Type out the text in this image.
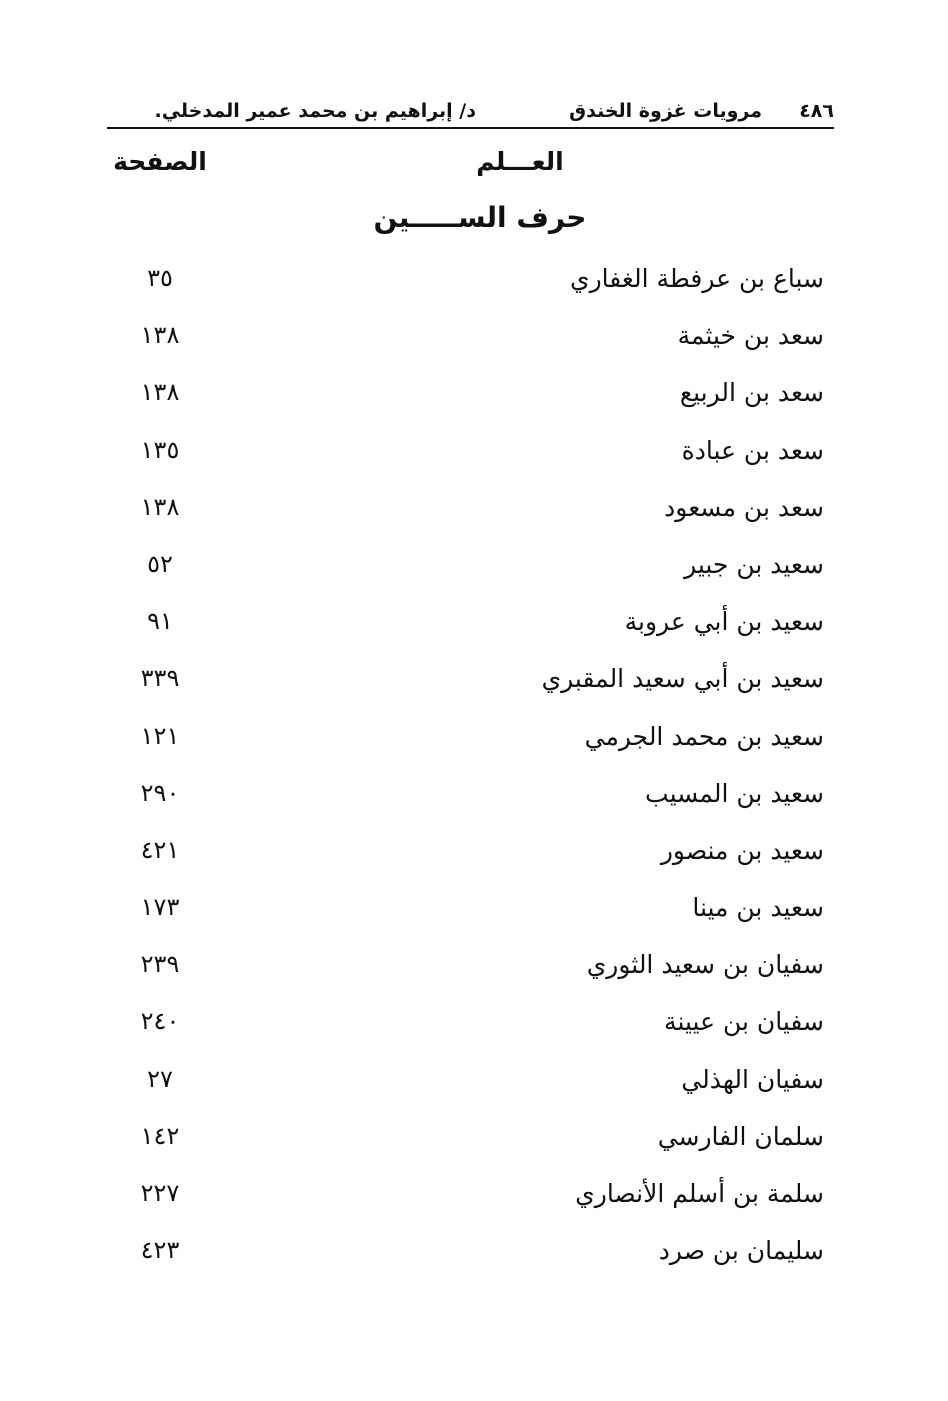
٤٨٦
مرويات غزوة الخندق
د/ إبراهيم بن محمد عمير المدخلي.
العـــلم
الصفحة
حرف الســـــين
سباع بن عرفطة الغفاري
٣٥
سعد بن خيثمة
١٣٨
سعد بن الربيع
١٣٨
سعد بن عبادة
١٣٥
سعد بن مسعود
١٣٨
سعيد بن جبير
٥٢
سعيد بن أبي عروبة
٩١
سعيد بن أبي سعيد المقبري
٣٣٩
سعيد بن محمد الجرمي
١٢١
سعيد بن المسيب
٢٩٠
سعيد بن منصور
٤٢١
سعيد بن مينا
١٧٣
سفيان بن سعيد الثوري
٢٣٩
سفيان بن عيينة
٢٤٠
سفيان الهذلي
٢٧
سلمان الفارسي
١٤٢
سلمة بن أسلم الأنصاري
٢٢٧
سليمان بن صرد
٤٢٣
